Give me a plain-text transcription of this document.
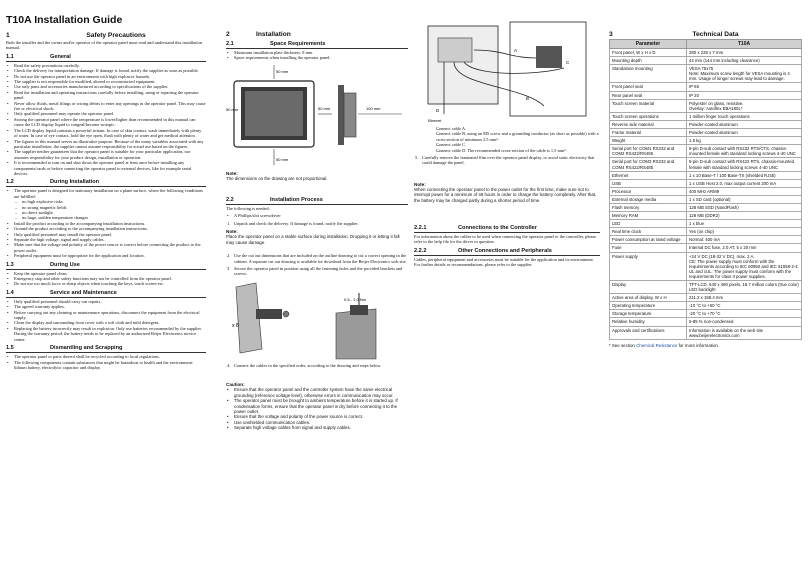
T10A Installation Guide
1	Safety Precautions

Both the installer and the owner and/or operator of the operator panel must read and understand this installation manual.

1.1	General
• Read the safety precautions carefully.
• Check the delivery for transportation damage. If damage is found, notify the supplier as soon as possible.
• Do not use the operator panel in an environment with high explosive hazards.
• The supplier is not responsible for modified, altered or reconstructed equipment.
• Use only parts and accessories manufactured according to specifications of the supplier.
• Read the installation and operating instructions carefully before installing, using or repairing the operator panel.
• Never allow fluids, metal filings or wiring debris to enter any openings in the operator panel. This may cause fire or electrical shock.
• Only qualified personnel may operate the operator panel.
• Storing the operator panel where the temperature is lower/higher than recommended in this manual can cause the LCD display liquid to congeal/become isotopic.
• The LCD display liquid contains a powerful irritant. In case of skin contact, wash immediately with plenty of water. In case of eye contact, hold the eye open, flush with plenty of water and get medical attention.
• The figures in this manual serves an illustrative purpose. Because of the many variables associated with any particular installation, the supplier cannot assume responsibility for actual use based on the figures.
• The supplier neither guarantees that the operator panel is suitable for your particular application, nor assumes responsibility for your product design, installation or operation.
• It is recommended to turn on and shut down the operator panel at least once before installing any components/cards or before connecting the operator panel to external devices, like for example serial devices.
1.2	During Installation
• The operator panel is designed for stationary installation on a plane surface, where the following conditions are fulfilled:
– no high explosive risks
– no strong magnetic fields
– no direct sunlight
– no large, sudden temperature changes
• Install the product according to the accompanying installation instructions.
• Ground the product according to the accompanying installation instructions.
• Only qualified personnel may install the operator panel.
• Separate the high voltage, signal and supply cables.
• Make sure that the voltage and polarity of the power source is correct before connecting the product to the power outlet.
• Peripheral equipment must be appropriate for the application and location.
1.3	During Use
• Keep the operator panel clean.
• Emergency stop and other safety functions may not be controlled from the operator panel.
• Do not use too much force or sharp objects when touching the keys, touch screen etc.
1.4	Service and Maintenance
• Only qualified personnel should carry out repairs.
• The agreed warranty applies.
• Before carrying out any cleaning or maintenance operations, disconnect the equipment from the electrical supply.
• Clean the display and surrounding front cover with a soft cloth and mild detergent.
• Replacing the battery incorrectly may result in explosion. Only use batteries recommended by the supplier. During the warranty period, the battery needs to be replaced by an authorized Beijer Electronics service center.
1.5	Dismantling and Scrapping
• The operator panel or parts thereof shall be recycled according to local regulations.
• The following components contain substances that might be hazardous to health and the environment: lithium battery, electrolytic capacitor and display.
2	Installation
2.1	Space Requirements
• Maximum installation plate thickness: 8 mm
• Space requirements when installing the operator panel:
50 mm
50 mm
50 mm	50 mm	100 mm
Note:
The dimensions on the drawing are not proportional.
2.2	Installation Process

The following is needed:

• A Phillips/slot screwdriver
1. Unpack and check the delivery. If damage is found, notify the supplier.
Note:
Place the operator panel on a stable surface during installation. Dropping it or letting it fall may cause damage.
2. Use the cut out dimensions that are included on the outline drawing to cut a correct opening in the cabinet. A separate cut out drawing is available for download from the Beijer Electronics web site.
3. Secure the operator panel in position using all the fastening holes and the provided brackets and screws:
x 8
0.5 - 1.0 Nm
4. Connect the cables in the specified order, according to the drawing and steps below.
Caution:
• Ensure that the operator panel and the controller system have the same electrical grounding (reference voltage level), otherwise errors in communication may occur.
• The operator panel must be brought to ambient temperature before it is started up. If condensation forms, ensure that the operator panel is dry before connecting it to the power outlet.
• Ensure that the voltage and polarity of the power source is correct.
• Use unshielded communication cables.
• Separate high voltage cables from signal and supply cables.
A
B
C
D
Ethernet
– Connect cable A.
– Connect cable B, using an M5 screw and a grounding conductor (as short as possible) with a cross-section of minimum 2.5 mm².
– Connect cable C.
– Connect cable D. The recommended cross-section of the cable is 1.5 mm².
5. Carefully remove the laminated film over the operator panel display, to avoid static electricity that could damage the panel.
Note:
When connecting the operator panel to the power outlet for the first time, make sure not to interrupt power for a minimum of 48 hours in order to charge the battery completely. After that, the battery may be charged partly during a shorter period of time.
2.2.1	Connections to the Controller

For information about the cables to be used when connecting the operator panel to the controller, please refer to the help file for the driver in question.

2.2.2	Other Connections and Peripherals

Cables, peripheral equipment and accessories must be suitable for the application and its environment. For further details or recommendations, please refer to the supplier.

3	Technical Data
Parameter	T10A
Front panel, W x H x D	280 x 228 x 7 mm
Mounting depth	44 mm (144 mm including clearance)
Standalone mounting	VESA 75x75
Note: Maximum screw length for VESA mounting is 4 mm. Usage of longer screws may lead to damage.
Front panel seal	IP 65
Rear panel seal	IP 20
Touch screen material	Polyester on glass, resistive.
Overlay: Autoflex EBA180L*
Touch screen operations	1 million finger touch operations
Reverse side material	Powder-coated aluminum
Frame material	Powder-coated aluminum
Weight	1.5 kg
Serial port for COM1 RS232 and COM2 RS422/RS485	9-pin D-sub contact with RS232 RTS/CTS, chassis-mounted female with standard locking screws 4-40 UNC
Serial port for COM3 RS232 and COM4 RS422/RS485	9-pin D-sub contact with RS422 RTS, chassis-mounted female with standard locking screws 4-40 UNC
Ethernet	1 x 10 Base-T / 100 Base-TX (shielded RJ45)
USB	1 x USB Host 2.0, max output current 200 mA
Processor	400 MHz ARM9
External storage media	1 x SD card (optional)
Flash memory	128 MB SSD (NandFlash)
Memory RAM	128 MB (DDR2)
LED	1 x blue
Real time clock	Yes (on chip)
Power consumption at rated voltage	Normal: 400 mA
Fuse	Internal DC fuse, 2.0 AT, 5 x 20 mm
Power supply	+24 V DC (18-32 V DC), max. 2 A.
CE: The power supply must conform with the requirements according to IEC 60950 and IEC 61558-2-4.
UL and cUL: The power supply must conform with the requirements for class II power supplies.
Display	TFT-LCD. 640 x 480 pixels, 16.7 million colors (true color)
LED backlight
Active area of display, W x H	211.2 x 158.4 mm
Operating temperature	-10 °C to +60 °C
Storage temperature	-20 °C to +70 °C
Relative humidity	5-85 % non-condensed
Approvals and certifications	Information is available on the web site www.beijerelectronics.com
* See section Chemical Resistance for more information.
